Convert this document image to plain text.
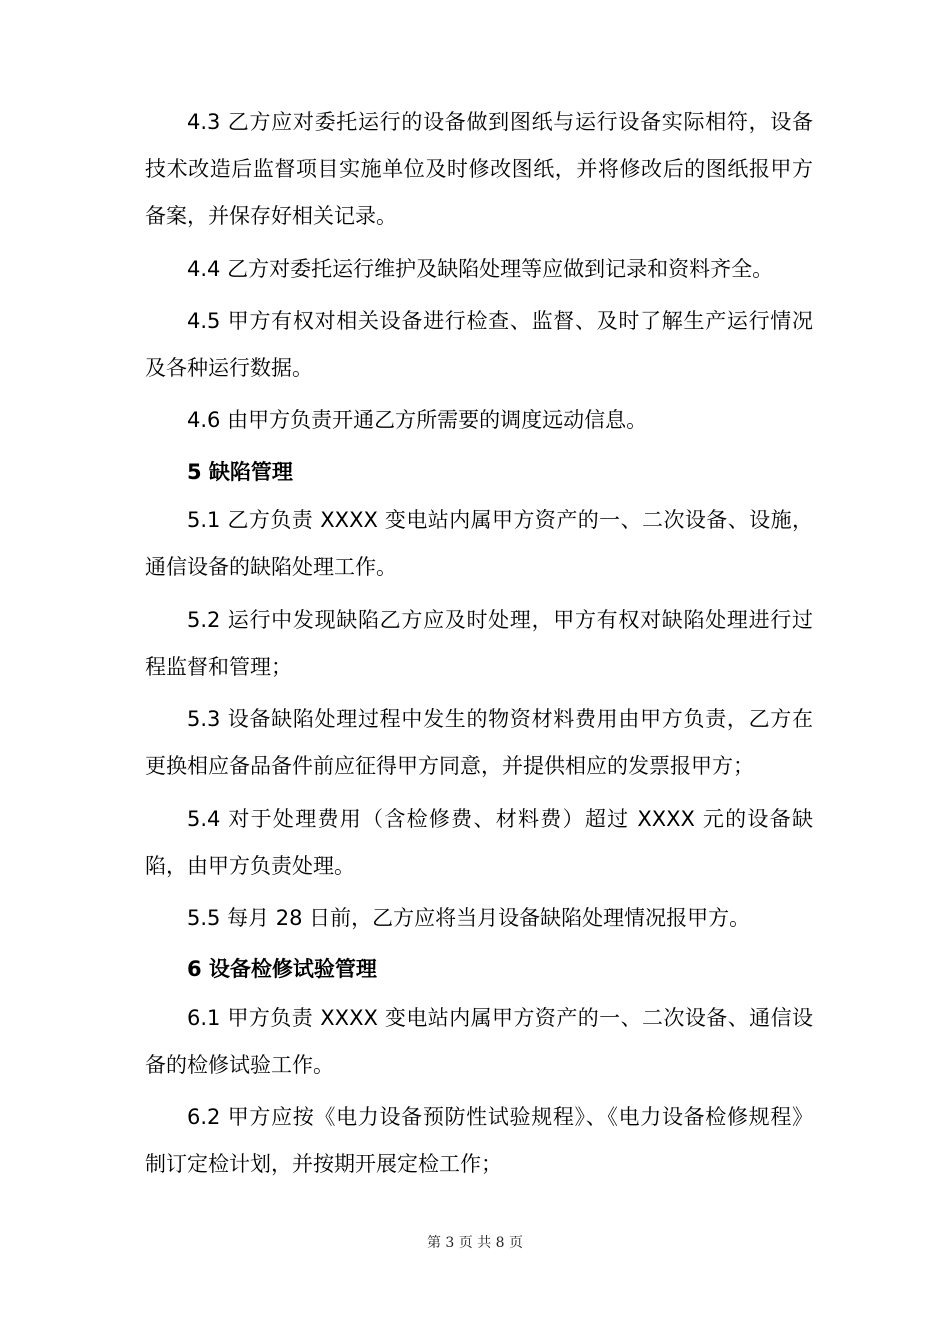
4.3 乙方应对委托运行的设备做到图纸与运行设备实际相符，设备技术改造后监督项目实施单位及时修改图纸，并将修改后的图纸报甲方备案，并保存好相关记录。

4.4 乙方对委托运行维护及缺陷处理等应做到记录和资料齐全。

4.5 甲方有权对相关设备进行检查、监督、及时了解生产运行情况及各种运行数据。

4.6 由甲方负责开通乙方所需要的调度远动信息。

5 缺陷管理

5.1 乙方负责 XXXX 变电站内属甲方资产的一、二次设备、设施，通信设备的缺陷处理工作。

5.2 运行中发现缺陷乙方应及时处理，甲方有权对缺陷处理进行过程监督和管理；

5.3 设备缺陷处理过程中发生的物资材料费用由甲方负责，乙方在更换相应备品备件前应征得甲方同意，并提供相应的发票报甲方；

5.4 对于处理费用（含检修费、材料费）超过 XXXX 元的设备缺陷，由甲方负责处理。

5.5 每月 28 日前，乙方应将当月设备缺陷处理情况报甲方。

6 设备检修试验管理

6.1 甲方负责 XXXX 变电站内属甲方资产的一、二次设备、通信设备的检修试验工作。

6.2 甲方应按《电力设备预防性试验规程》、《电力设备检修规程》制订定检计划，并按期开展定检工作；

第 3 页 共 8 页
